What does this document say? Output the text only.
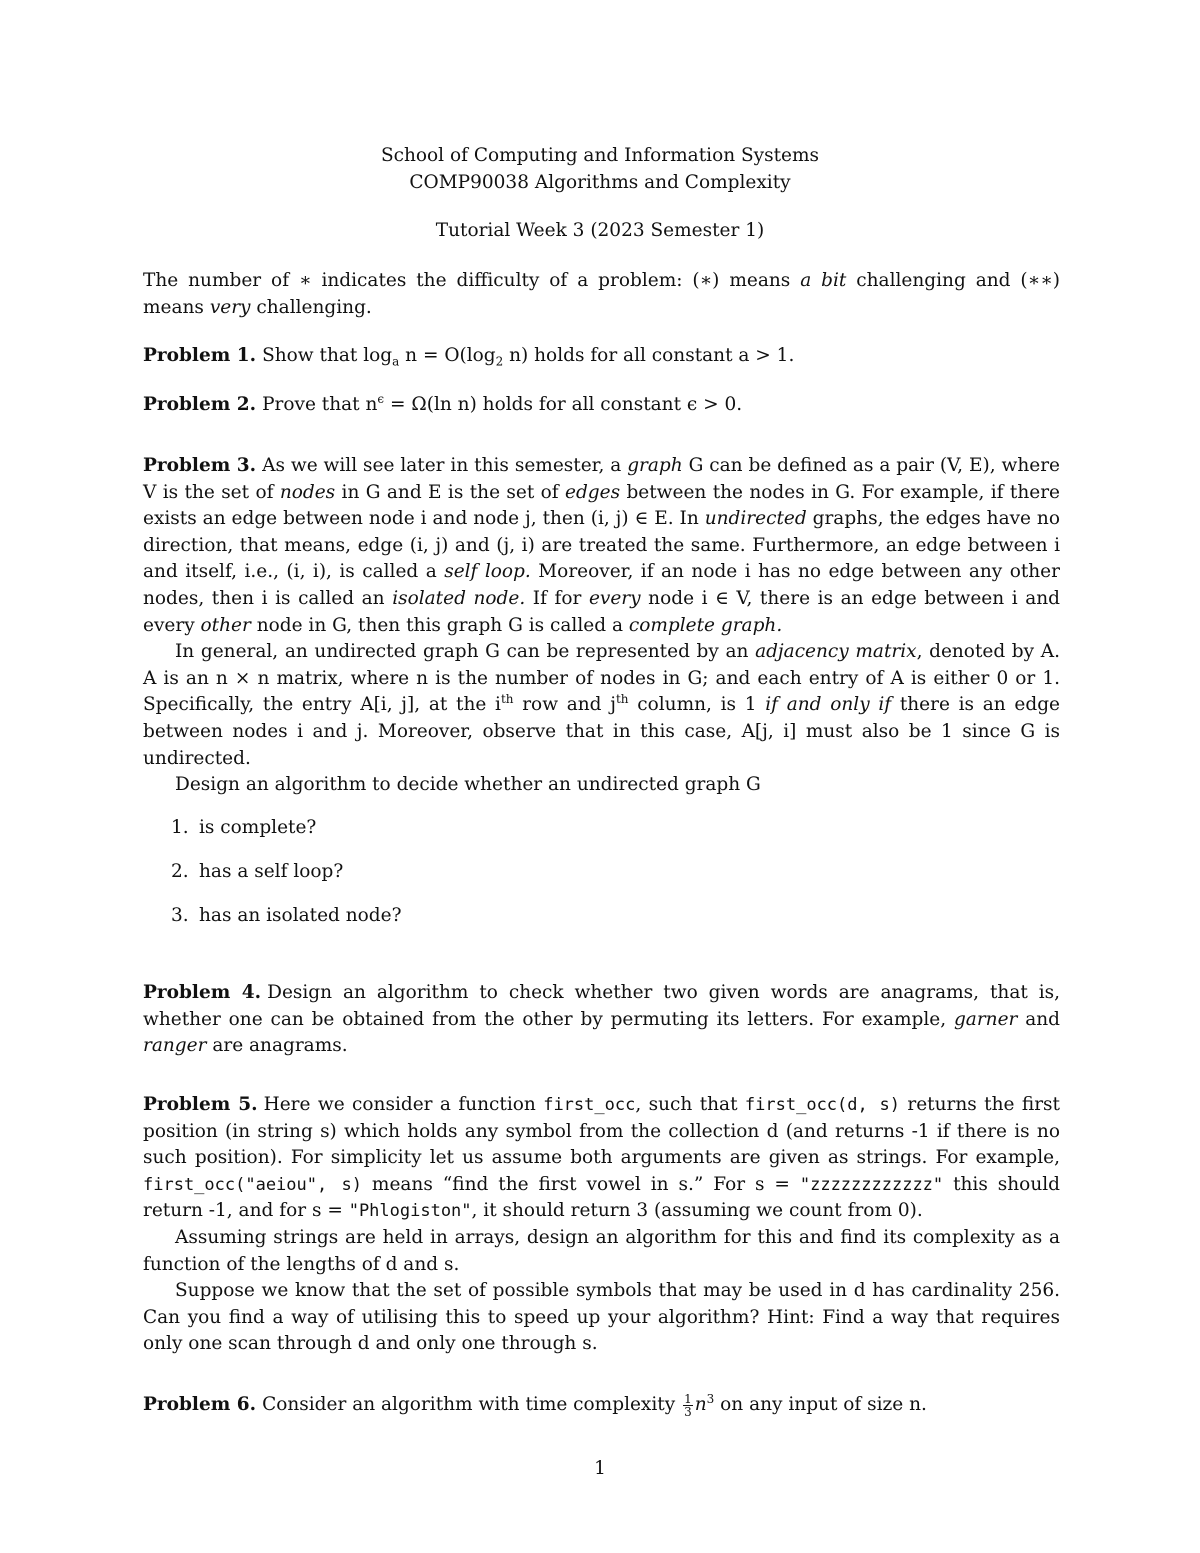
School of Computing and Information Systems
COMP90038 Algorithms and Complexity
Tutorial Week 3 (2023 Semester 1)

The number of ∗ indicates the difficulty of a problem: (∗) means a bit challenging and (∗∗) means very challenging.

Problem 1. Show that $\log_a n = O(\log_2$ n) holds for all constant a > 1.

Problem 2. Prove that $n^\epsilon = \Omega(\ln$ n) holds for all constant ϵ > 0.

Problem 3. As we will see later in this semester, a graph G can be defined as a pair (V, E), where V is the set of nodes in G and E is the set of edges between the nodes in G. For example, if there exists an edge between node i and node j, then (i, j) ∈ E. In undirected graphs, the edges have no direction, that means, edge (i, j) and (j, i) are treated the same. Furthermore, an edge between i and itself, i.e., (i, i), is called a self loop. Moreover, if an node i has no edge between any other nodes, then i is called an isolated node. If for every node i ∈ V, there is an edge between i and every other node in G, then this graph G is called a complete graph.

In general, an undirected graph G can be represented by an adjacency matrix, denoted by A. A is an n × n matrix, where n is the number of nodes in G; and each entry of A is either 0 or 1. Specifically, the entry A[i, j], at the $i^{th}$ row and $j^{th}$ column, is 1 if and only if there is an edge between nodes i and j. Moreover, observe that in this case, A[j, i] must also be 1 since G is undirected.

Design an algorithm to decide whether an undirected graph G

1. is complete?
2. has a self loop?
3. has an isolated node?

Problem 4. Design an algorithm to check whether two given words are anagrams, that is, whether one can be obtained from the other by permuting its letters. For example, garner and ranger are anagrams.

Problem 5. Here we consider a function first_occ, such that first_occ(d, s) returns the first position (in string s) which holds any symbol from the collection d (and returns -1 if there is no such position). For simplicity let us assume both arguments are given as strings. For example, first_occ("aeiou", s) means “find the first vowel in s.” For s = "zzzzzzzzzzzz" this should return -1, and for s = "Phlogiston", it should return 3 (assuming we count from 0).

Assuming strings are held in arrays, design an algorithm for this and find its complexity as a function of the lengths of d and s.

Suppose we know that the set of possible symbols that may be used in d has cardinality 256. Can you find a way of utilising this to speed up your algorithm? Hint: Find a way that requires only one scan through d and only one through s.

Problem 6. Consider an algorithm with time complexity $\frac{1}{3} n^3$ on any input of size n.

1
